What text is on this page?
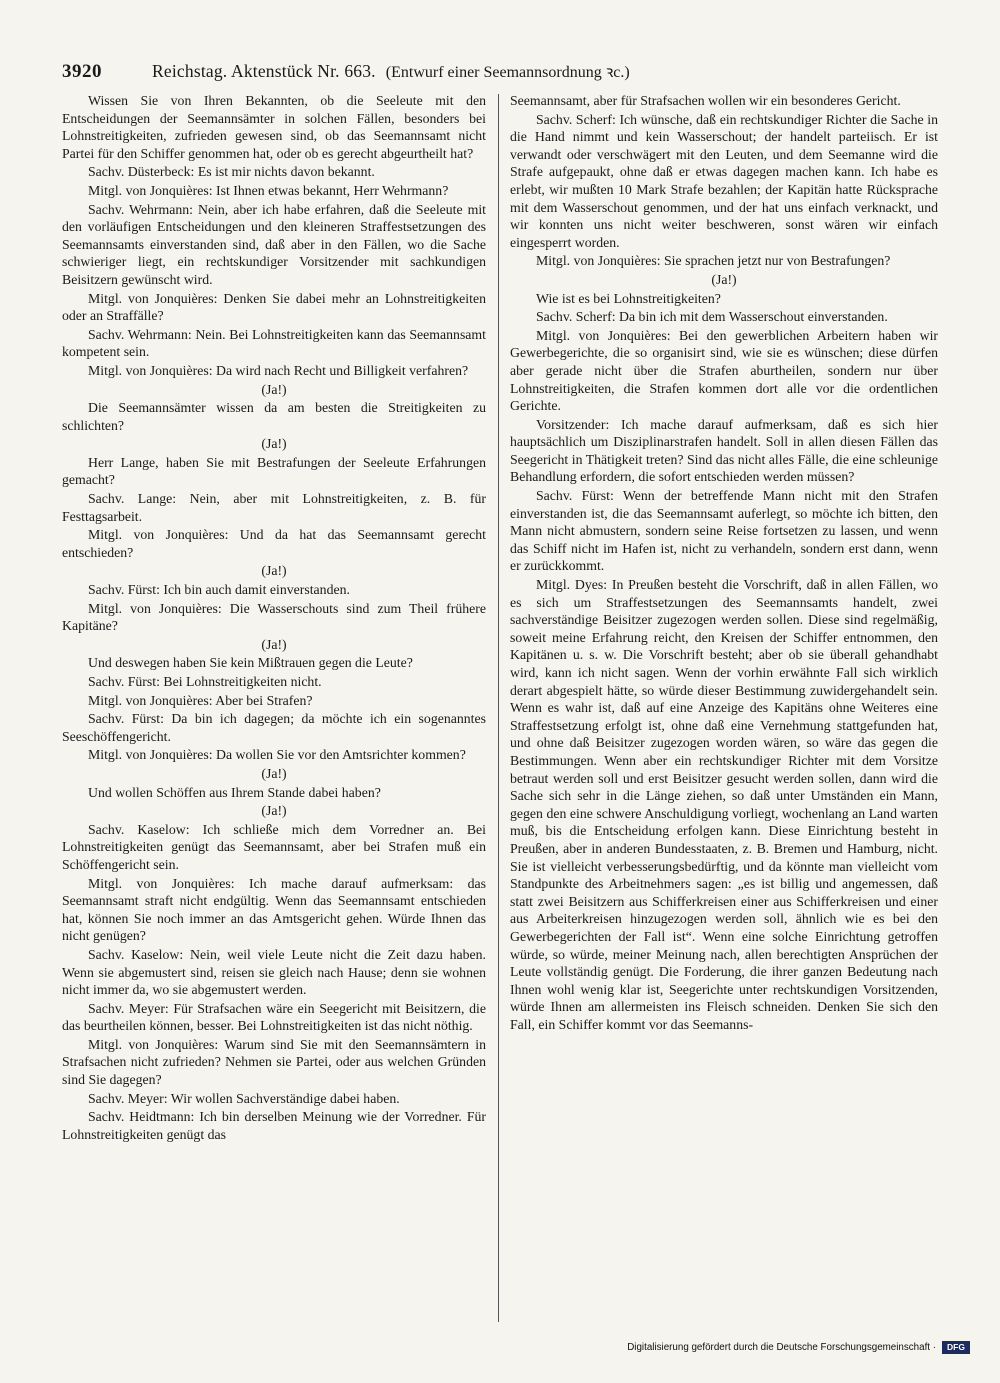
3920	Reichstag. Aktenstück Nr. 663. (Entwurf einer Seemannsordnung ꝛc.)

Wissen Sie von Ihren Bekannten, ob die Seeleute mit den Entscheidungen der Seemannsämter in solchen Fällen, besonders bei Lohnstreitigkeiten, zufrieden gewesen sind, ob das Seemannsamt nicht Partei für den Schiffer genommen hat, oder ob es gerecht abgeurtheilt hat?

Sachv. Düsterbeck: Es ist mir nichts davon bekannt.

Mitgl. von Jonquières: Ist Ihnen etwas bekannt, Herr Wehrmann?

Sachv. Wehrmann: Nein, aber ich habe erfahren, daß die Seeleute mit den vorläufigen Entscheidungen und den kleineren Straffestsetzungen des Seemannsamts einverstanden sind, daß aber in den Fällen, wo die Sache schwieriger liegt, ein rechtskundiger Vorsitzender mit sachkundigen Beisitzern gewünscht wird.

Mitgl. von Jonquières: Denken Sie dabei mehr an Lohnstreitigkeiten oder an Straffälle?

Sachv. Wehrmann: Nein. Bei Lohnstreitigkeiten kann das Seemannsamt kompetent sein.

Mitgl. von Jonquières: Da wird nach Recht und Billigkeit verfahren?

(Ja!)

Die Seemannsämter wissen da am besten die Streitigkeiten zu schlichten?

(Ja!)

Herr Lange, haben Sie mit Bestrafungen der Seeleute Erfahrungen gemacht?

Sachv. Lange: Nein, aber mit Lohnstreitigkeiten, z. B. für Festtagsarbeit.

Mitgl. von Jonquières: Und da hat das Seemannsamt gerecht entschieden?

(Ja!)

Sachv. Fürst: Ich bin auch damit einverstanden.

Mitgl. von Jonquières: Die Wasserschouts sind zum Theil frühere Kapitäne?

(Ja!)

Und deswegen haben Sie kein Mißtrauen gegen die Leute?

Sachv. Fürst: Bei Lohnstreitigkeiten nicht.

Mitgl. von Jonquières: Aber bei Strafen?

Sachv. Fürst: Da bin ich dagegen; da möchte ich ein sogenanntes Seeschöffengericht.

Mitgl. von Jonquières: Da wollen Sie vor den Amtsrichter kommen?

(Ja!)

Und wollen Schöffen aus Ihrem Stande dabei haben?

(Ja!)

Sachv. Kaselow: Ich schließe mich dem Vorredner an. Bei Lohnstreitigkeiten genügt das Seemannsamt, aber bei Strafen muß ein Schöffengericht sein.

Mitgl. von Jonquières: Ich mache darauf aufmerksam: das Seemannsamt straft nicht endgültig. Wenn das Seemannsamt entschieden hat, können Sie noch immer an das Amtsgericht gehen. Würde Ihnen das nicht genügen?

Sachv. Kaselow: Nein, weil viele Leute nicht die Zeit dazu haben. Wenn sie abgemustert sind, reisen sie gleich nach Hause; denn sie wohnen nicht immer da, wo sie abgemustert werden.

Sachv. Meyer: Für Strafsachen wäre ein Seegericht mit Beisitzern, die das beurtheilen können, besser. Bei Lohnstreitigkeiten ist das nicht nöthig.

Mitgl. von Jonquières: Warum sind Sie mit den Seemannsämtern in Strafsachen nicht zufrieden? Nehmen sie Partei, oder aus welchen Gründen sind Sie dagegen?

Sachv. Meyer: Wir wollen Sachverständige dabei haben.

Sachv. Heidtmann: Ich bin derselben Meinung wie der Vorredner. Für Lohnstreitigkeiten genügt das

Seemannsamt, aber für Strafsachen wollen wir ein besonderes Gericht.

Sachv. Scherf: Ich wünsche, daß ein rechtskundiger Richter die Sache in die Hand nimmt und kein Wasserschout; der handelt parteiisch. Er ist verwandt oder verschwägert mit den Leuten, und dem Seemanne wird die Strafe aufgepaukt, ohne daß er etwas dagegen machen kann. Ich habe es erlebt, wir mußten 10 Mark Strafe bezahlen; der Kapitän hatte Rücksprache mit dem Wasserschout genommen, und der hat uns einfach verknackt, und wir konnten uns nicht weiter beschweren, sonst wären wir einfach eingesperrt worden.

Mitgl. von Jonquières: Sie sprachen jetzt nur von Bestrafungen?

(Ja!)

Wie ist es bei Lohnstreitigkeiten?

Sachv. Scherf: Da bin ich mit dem Wasserschout einverstanden.

Mitgl. von Jonquières: Bei den gewerblichen Arbeitern haben wir Gewerbegerichte, die so organisirt sind, wie sie es wünschen; diese dürfen aber gerade nicht über die Strafen aburtheilen, sondern nur über Lohnstreitigkeiten, die Strafen kommen dort alle vor die ordentlichen Gerichte.

Vorsitzender: Ich mache darauf aufmerksam, daß es sich hier hauptsächlich um Disziplinarstrafen handelt. Soll in allen diesen Fällen das Seegericht in Thätigkeit treten? Sind das nicht alles Fälle, die eine schleunige Behandlung erfordern, die sofort entschieden werden müssen?

Sachv. Fürst: Wenn der betreffende Mann nicht mit den Strafen einverstanden ist, die das Seemannsamt auferlegt, so möchte ich bitten, den Mann nicht abmustern, sondern seine Reise fortsetzen zu lassen, und wenn das Schiff nicht im Hafen ist, nicht zu verhandeln, sondern erst dann, wenn er zurückkommt.

Mitgl. Dyes: In Preußen besteht die Vorschrift, daß in allen Fällen, wo es sich um Straffestsetzungen des Seemannsamts handelt, zwei sachverständige Beisitzer zugezogen werden sollen. Diese sind regelmäßig, soweit meine Erfahrung reicht, den Kreisen der Schiffer entnommen, den Kapitänen u. s. w. Die Vorschrift besteht; aber ob sie überall gehandhabt wird, kann ich nicht sagen. Wenn der vorhin erwähnte Fall sich wirklich derart abgespielt hätte, so würde dieser Bestimmung zuwidergehandelt sein. Wenn es wahr ist, daß auf eine Anzeige des Kapitäns ohne Weiteres eine Straffestsetzung erfolgt ist, ohne daß eine Vernehmung stattgefunden hat, und ohne daß Beisitzer zugezogen worden wären, so wäre das gegen die Bestimmungen. Wenn aber ein rechtskundiger Richter mit dem Vorsitze betraut werden soll und erst Beisitzer gesucht werden sollen, dann wird die Sache sich sehr in die Länge ziehen, so daß unter Umständen ein Mann, gegen den eine schwere Anschuldigung vorliegt, wochenlang an Land warten muß, bis die Entscheidung erfolgen kann. Diese Einrichtung besteht in Preußen, aber in anderen Bundesstaaten, z. B. Bremen und Hamburg, nicht. Sie ist vielleicht verbesserungsbedürftig, und da könnte man vielleicht vom Standpunkte des Arbeitnehmers sagen: „es ist billig und angemessen, daß statt zwei Beisitzern aus Schifferkreisen einer aus Schifferkreisen und einer aus Arbeiterkreisen hinzugezogen werden soll, ähnlich wie es bei den Gewerbegerichten der Fall ist“. Wenn eine solche Einrichtung getroffen würde, so würde, meiner Meinung nach, allen berechtigten Ansprüchen der Leute vollständig genügt. Die Forderung, die ihrer ganzen Bedeutung nach Ihnen wohl wenig klar ist, Seegerichte unter rechtskundigen Vorsitzenden, würde Ihnen am allermeisten ins Fleisch schneiden. Denken Sie sich den Fall, ein Schiffer kommt vor das Seemanns-

Digitalisierung gefördert durch die Deutsche Forschungsgemeinschaft ·	DFG
